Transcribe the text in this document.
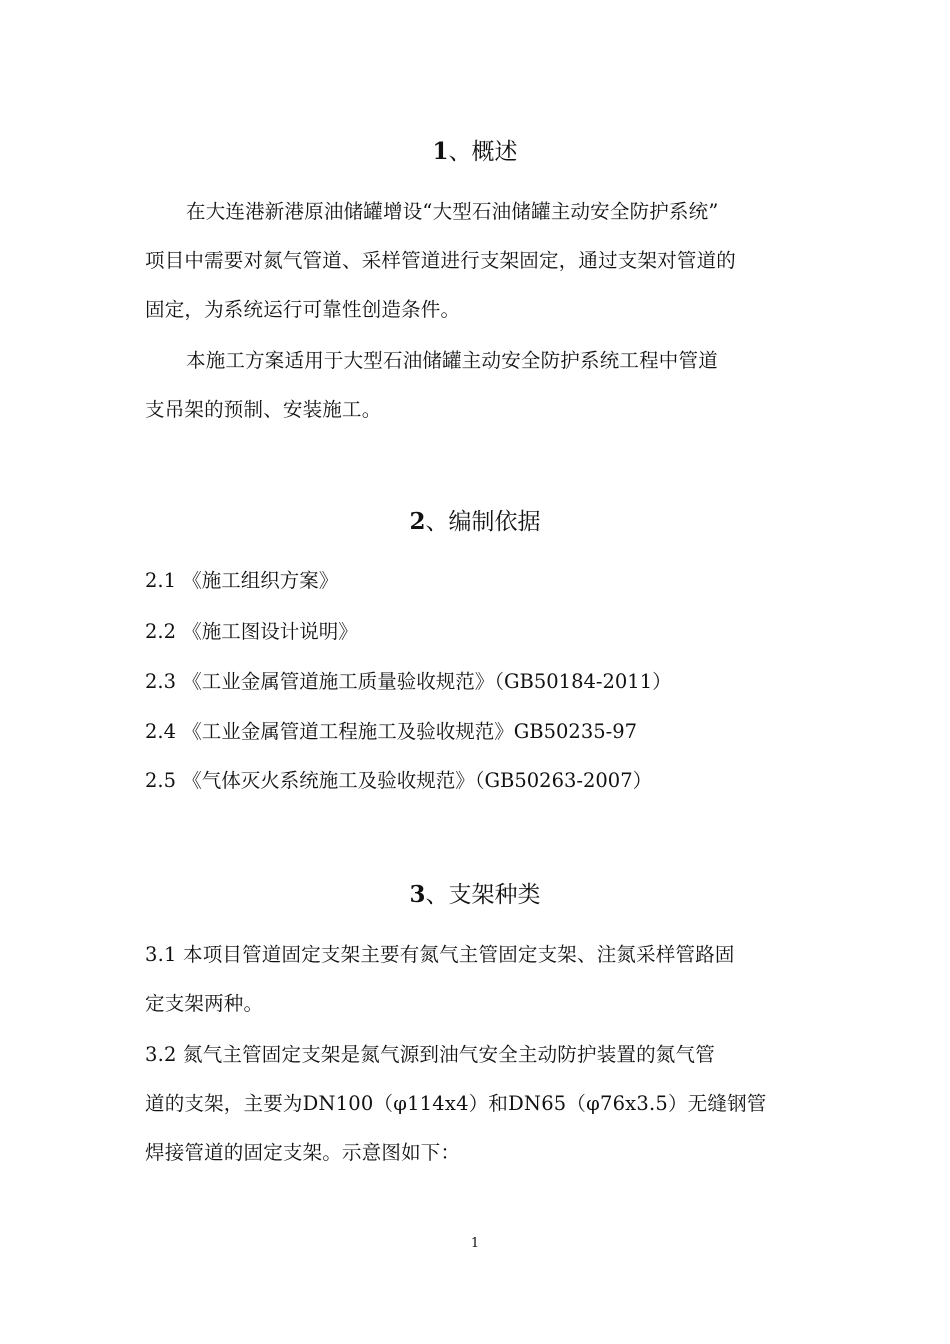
1、概述
在大连港新港原油储罐增设“大型石油储罐主动安全防护系统”
项目中需要对氮气管道、采样管道进行支架固定，通过支架对管道的
固定，为系统运行可靠性创造条件。
本施工方案适用于大型石油储罐主动安全防护系统工程中管道
支吊架的预制、安装施工。
2、编制依据
2.1 《施工组织方案》
2.2 《施工图设计说明》
2.3 《工业金属管道施工质量验收规范》（GB50184-2011）
2.4 《工业金属管道工程施工及验收规范》GB50235-97
2.5 《气体灭火系统施工及验收规范》（GB50263-2007）
3、支架种类
3.1 本项目管道固定支架主要有氮气主管固定支架、注氮采样管路固
定支架两种。
3.2 氮气主管固定支架是氮气源到油气安全主动防护装置的氮气管
道的支架，主要为DN100（φ114x4）和DN65（φ76x3.5）无缝钢管
焊接管道的固定支架。示意图如下：
1
